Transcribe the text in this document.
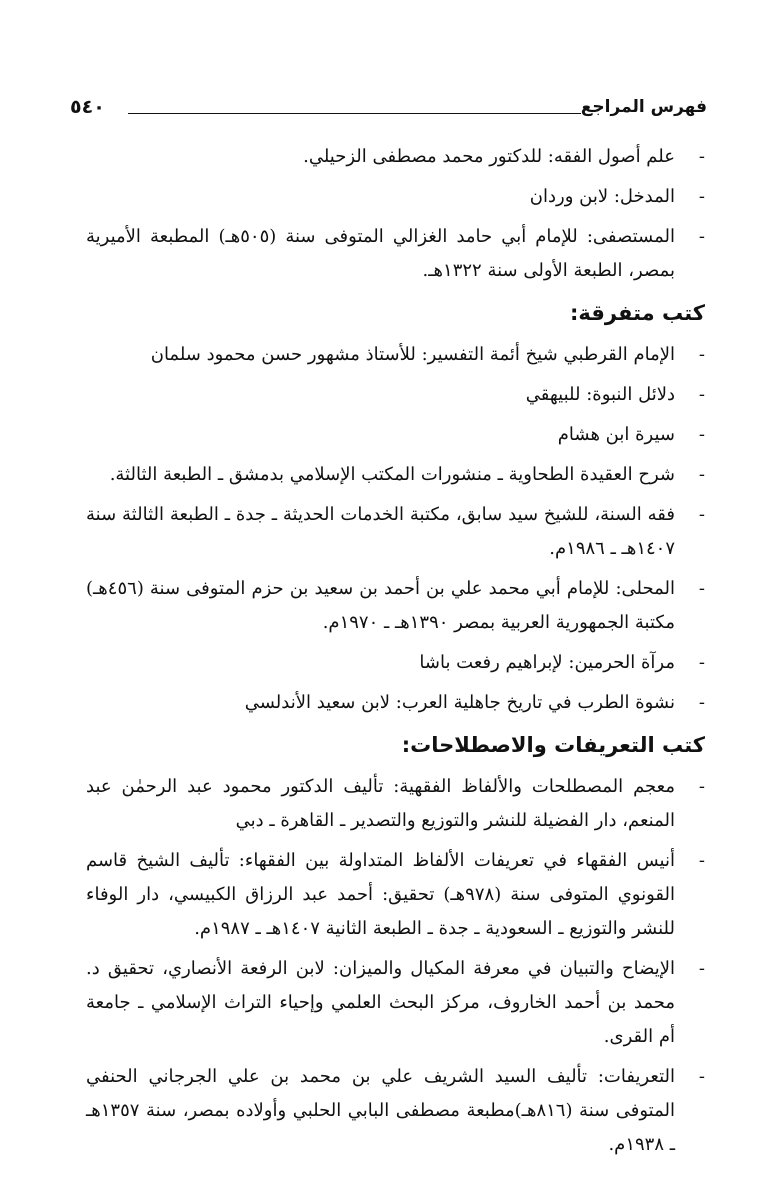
فهرس المراجع
٥٤٠
-
علم أصول الفقه: للدكتور محمد مصطفى الزحيلي.
-
المدخل: لابن وردان
-
المستصفى: للإمام أبي حامد الغزالي المتوفى سنة (٥٠٥هـ) المطبعة الأميرية بمصر، الطبعة الأولى سنة ١٣٢٢هـ.
كتب متفرقة:
-
الإمام القرطبي شيخ أئمة التفسير: للأستاذ مشهور حسن محمود سلمان
-
دلائل النبوة: للبيهقي
-
سيرة ابن هشام
-
شرح العقيدة الطحاوية ـ منشورات المكتب الإسلامي بدمشق ـ الطبعة الثالثة.
-
فقه السنة، للشيخ سيد سابق، مكتبة الخدمات الحديثة ـ جدة ـ الطبعة الثالثة سنة ١٤٠٧هـ ـ ١٩٨٦م.
-
المحلى: للإمام أبي محمد علي بن أحمد بن سعيد بن حزم المتوفى سنة (٤٥٦هـ) مكتبة الجمهورية العربية بمصر ١٣٩٠هـ ـ ١٩٧٠م.
-
مرآة الحرمين: لإبراهيم رفعت باشا
-
نشوة الطرب في تاريخ جاهلية العرب: لابن سعيد الأندلسي
كتب التعريفات والاصطلاحات:
-
معجم المصطلحات والألفاظ الفقهية: تأليف الدكتور محمود عبد الرحمٰن عبد المنعم، دار الفضيلة للنشر والتوزيع والتصدير ـ القاهرة ـ دبي
-
أنيس الفقهاء في تعريفات الألفاظ المتداولة بين الفقهاء: تأليف الشيخ قاسم القونوي المتوفى سنة (٩٧٨هـ) تحقيق: أحمد عبد الرزاق الكبيسي، دار الوفاء للنشر والتوزيع ـ السعودية ـ جدة ـ الطبعة الثانية ١٤٠٧هـ ـ ١٩٨٧م.
-
الإيضاح والتبيان في معرفة المكيال والميزان: لابن الرفعة الأنصاري، تحقيق د. محمد بن أحمد الخاروف، مركز البحث العلمي وإحياء التراث الإسلامي ـ جامعة أم القرى.
-
التعريفات: تأليف السيد الشريف علي بن محمد بن علي الجرجاني الحنفي المتوفى سنة (٨١٦هـ)مطبعة مصطفى البابي الحلبي وأولاده بمصر، سنة ١٣٥٧هـ ـ ١٩٣٨م.
